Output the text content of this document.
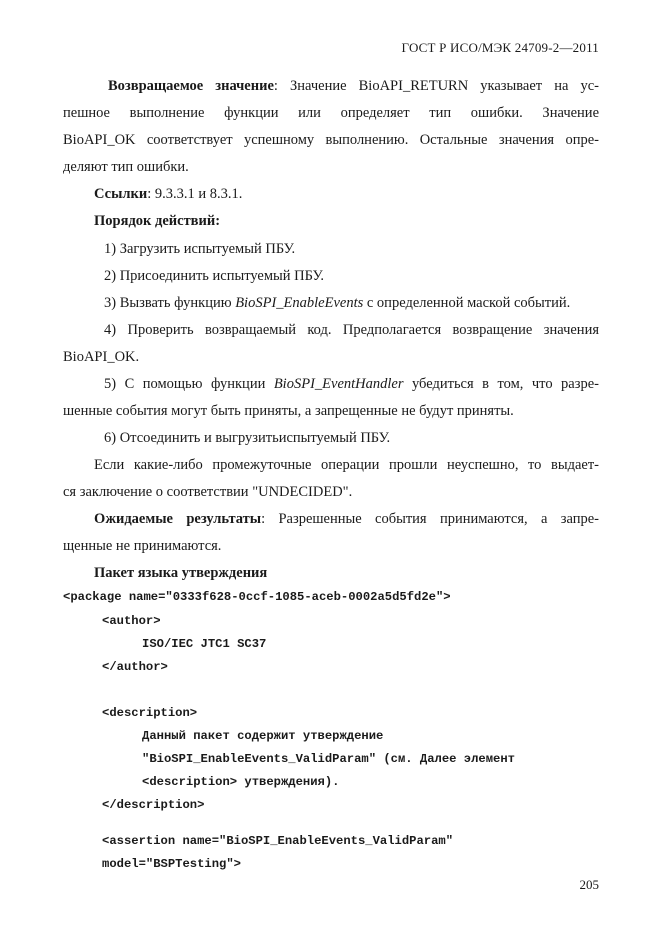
ГОСТ Р ИСО/МЭК 24709-2—2011
Возвращаемое значение: Значение BioAPI_RETURN указывает на ус-
пешное выполнение функции или определяет тип ошибки. Значение
BioAPI_OK соответствует успешному выполнению. Остальные значения опре-
деляют тип ошибки.
Ссылки: 9.3.3.1 и 8.3.1.
Порядок действий:
1) Загрузить испытуемый ПБУ.
2) Присоединить испытуемый ПБУ.
3) Вызвать функцию BioSPI_EnableEvents с определенной маской событий.
4) Проверить возвращаемый код. Предполагается возвращение значения
BioAPI_OK.
5) С помощью функции BioSPI_EventHandler убедиться в том, что разре-
шенные события могут быть приняты, а запрещенные не будут приняты.
6) Отсоединить и выгрузитьиспытуемый ПБУ.
Если какие-либо промежуточные операции прошли неуспешно, то выдает-
ся заключение о соответствии "UNDECIDED".
Ожидаемые результаты: Разрешенные события принимаются, а запре-
щенные не принимаются.
Пакет языка утверждения
<package name="0333f628-0ccf-1085-aceb-0002a5d5fd2e">
<author>
ISO/IEC JTC1 SC37
</author>
<description>
Данный пакет содержит утверждение
"BioSPI_EnableEvents_ValidParam" (см. Далее элемент
<description> утверждения).
</description>
<assertion name="BioSPI_EnableEvents_ValidParam"
model="BSPTesting">
205
